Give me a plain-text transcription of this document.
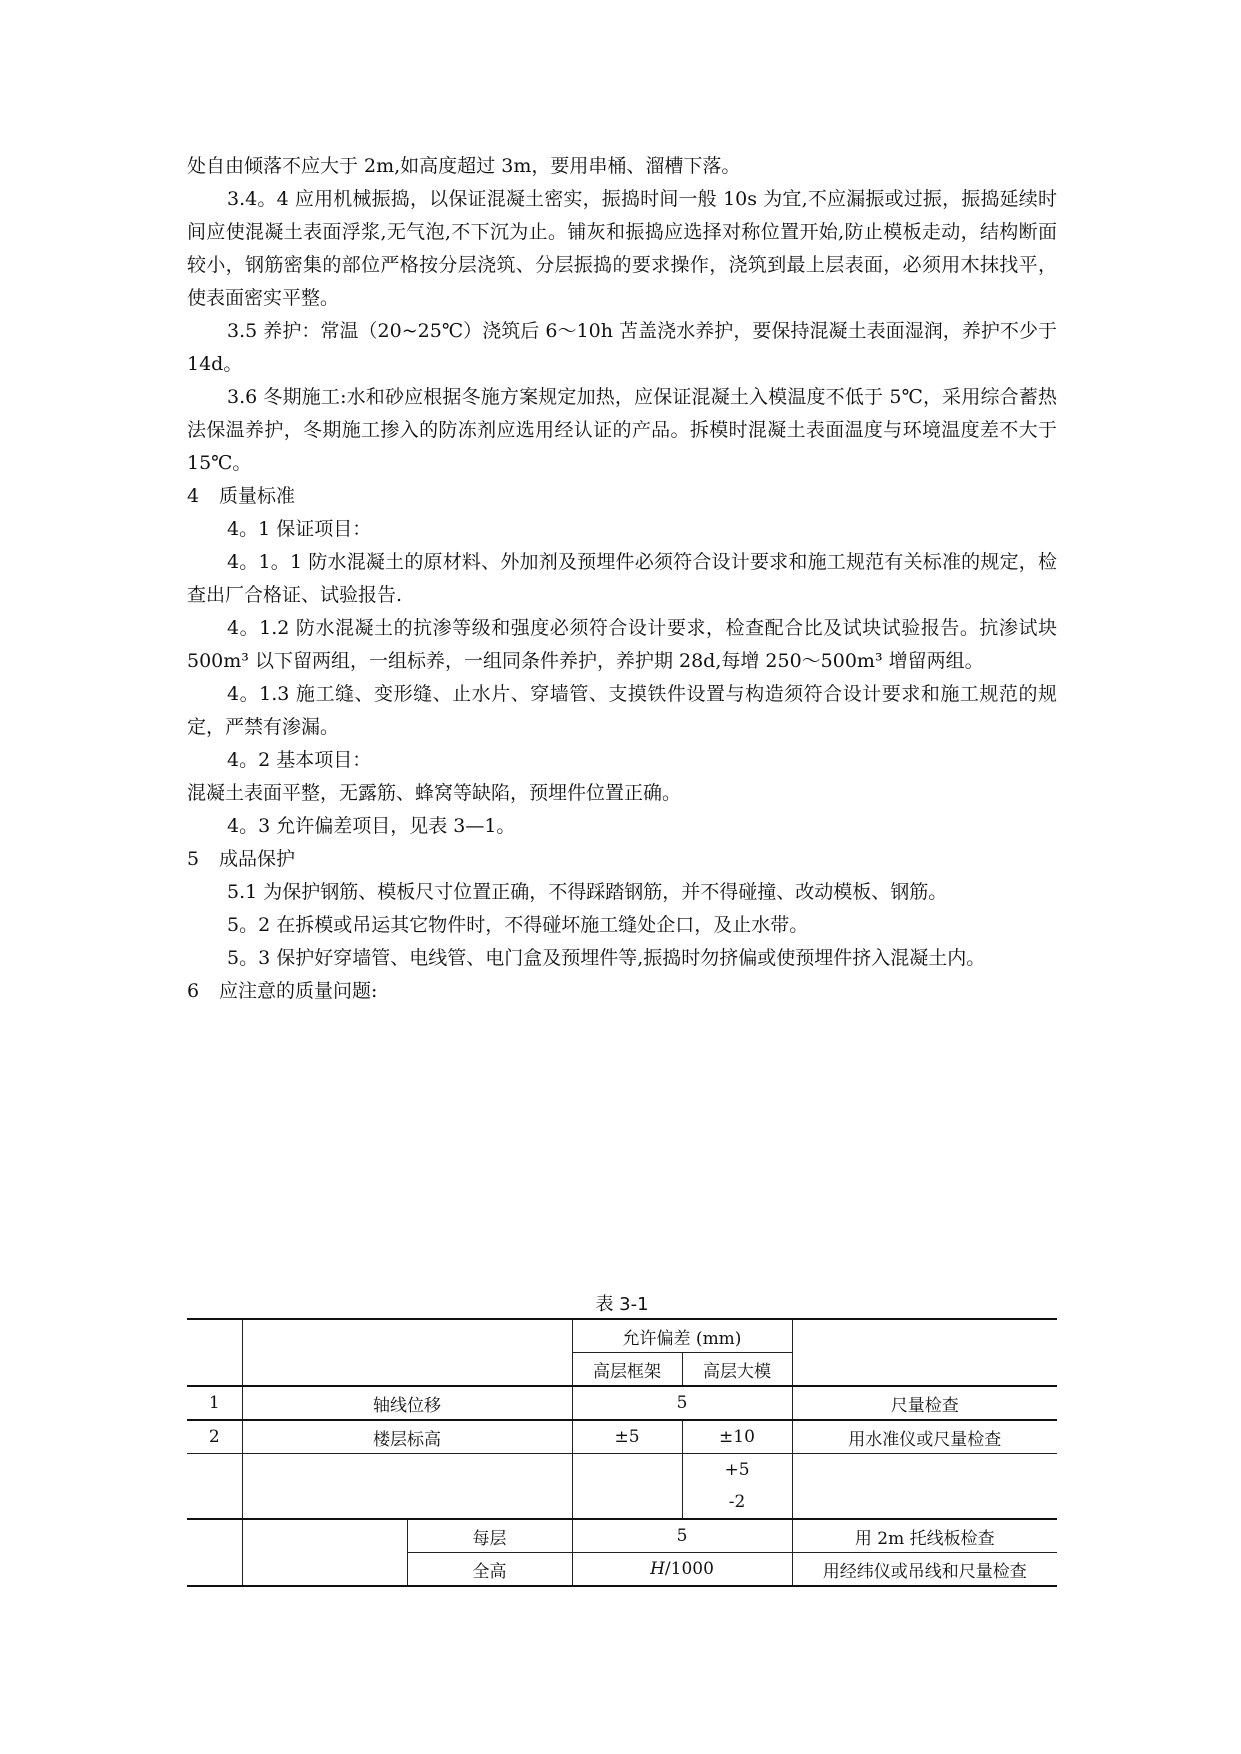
处自由倾落不应大于 2m,如高度超过 3m，要用串桶、溜槽下落。

3.4。4 应用机械振捣，以保证混凝土密实，振捣时间一般 10s 为宜,不应漏振或过振，振捣延续时间应使混凝土表面浮浆,无气泡,不下沉为止。铺灰和振捣应选择对称位置开始,防止模板走动，结构断面较小，钢筋密集的部位严格按分层浇筑、分层振捣的要求操作，浇筑到最上层表面，必须用木抹找平，使表面密实平整。

3.5 养护：常温（20~25℃）浇筑后 6～10h 苫盖浇水养护，要保持混凝土表面湿润，养护不少于 14d。

3.6 冬期施工:水和砂应根据冬施方案规定加热，应保证混凝土入模温度不低于 5℃，采用综合蓄热法保温养护，冬期施工掺入的防冻剂应选用经认证的产品。拆模时混凝土表面温度与环境温度差不大于 15℃。

4	质量标准

4。1 保证项目：

4。1。1 防水混凝土的原材料、外加剂及预埋件必须符合设计要求和施工规范有关标准的规定，检查出厂合格证、试验报告.

4。1.2 防水混凝土的抗渗等级和强度必须符合设计要求，检查配合比及试块试验报告。抗渗试块 500m³ 以下留两组，一组标养，一组同条件养护，养护期 28d,每增 250～500m³ 增留两组。

4。1.3 施工缝、变形缝、止水片、穿墙管、支摸铁件设置与构造须符合设计要求和施工规范的规定，严禁有渗漏。

4。2 基本项目：

混凝土表面平整，无露筋、蜂窝等缺陷，预埋件位置正确。

4。3 允许偏差项目，见表 3—1。

5	成品保护

5.1 为保护钢筋、模板尺寸位置正确，不得踩踏钢筋，并不得碰撞、改动模板、钢筋。

5。2 在拆模或吊运其它物件时，不得碰坏施工缝处企口，及止水带。

5。3 保护好穿墙管、电线管、电门盒及预埋件等,振捣时勿挤偏或使预埋件挤入混凝土内。

6	应注意的质量问题:
表 3-1
			允许偏差 (mm)		
			高层框架	高层大模	
1	轴线位移		5		尺量检查
2	楼层标高		±5	±10	用水准仪或尺量检查
				+5	
				-2	
		每层	5		用 2m 托线板检查
		全高	H/1000		用经纬仪或吊线和尺量检查
